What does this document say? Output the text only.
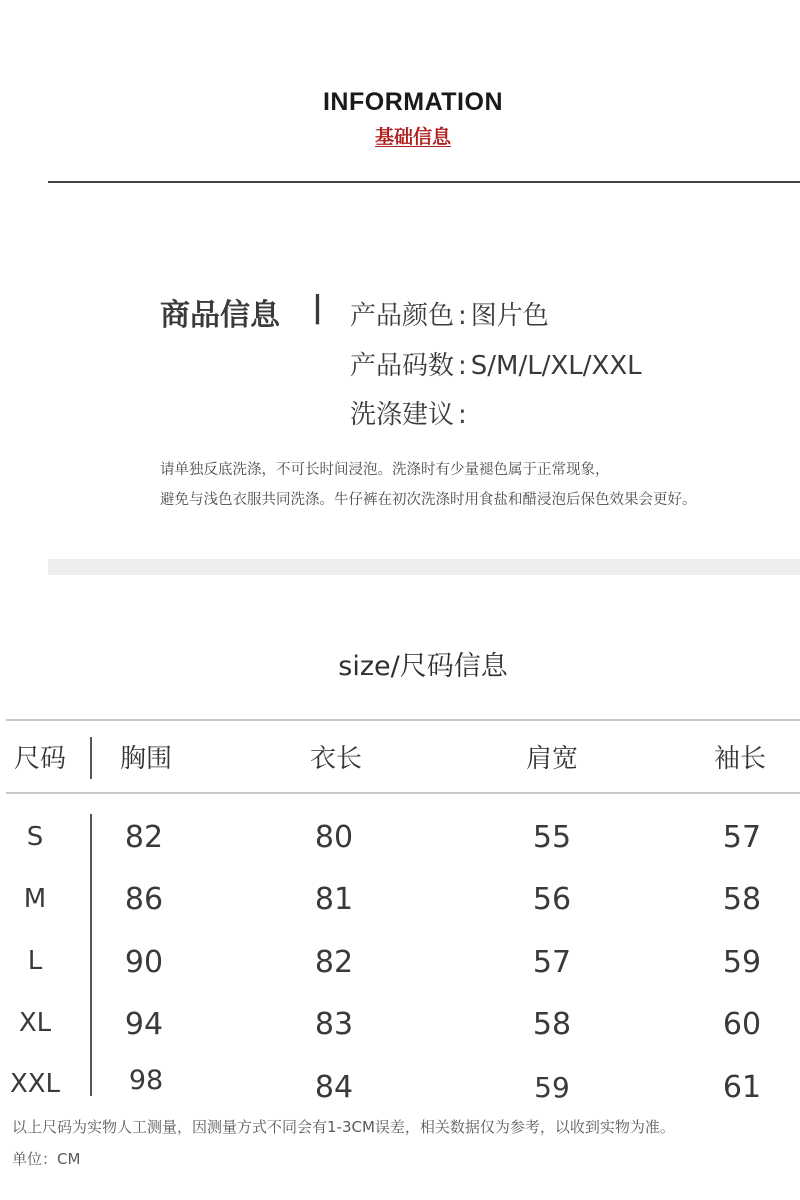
INFORMATION
基础信息
商品信息 | 产品颜色 : 图片色
产品码数 : S/M/L/XL/XXL
洗涤建议 :
请单独反底洗涤，不可长时间浸泡。洗涤时有少量褪色属于正常现象，
避免与浅色衣服共同洗涤。牛仔裤在初次洗涤时用食盐和醋浸泡后保色效果会更好。
size/尺码信息
尺码 胸围	衣长	肩宽	袖长
S	82	80	55	57
M	86	81	56	58
L	90	82	57	59
XL	94	83	58	60
XXL	98	84	59	61
以上尺码为实物人工测量，因测量方式不同会有1-3CM误差，相关数据仅为参考，以收到实物为准。
单位：CM
